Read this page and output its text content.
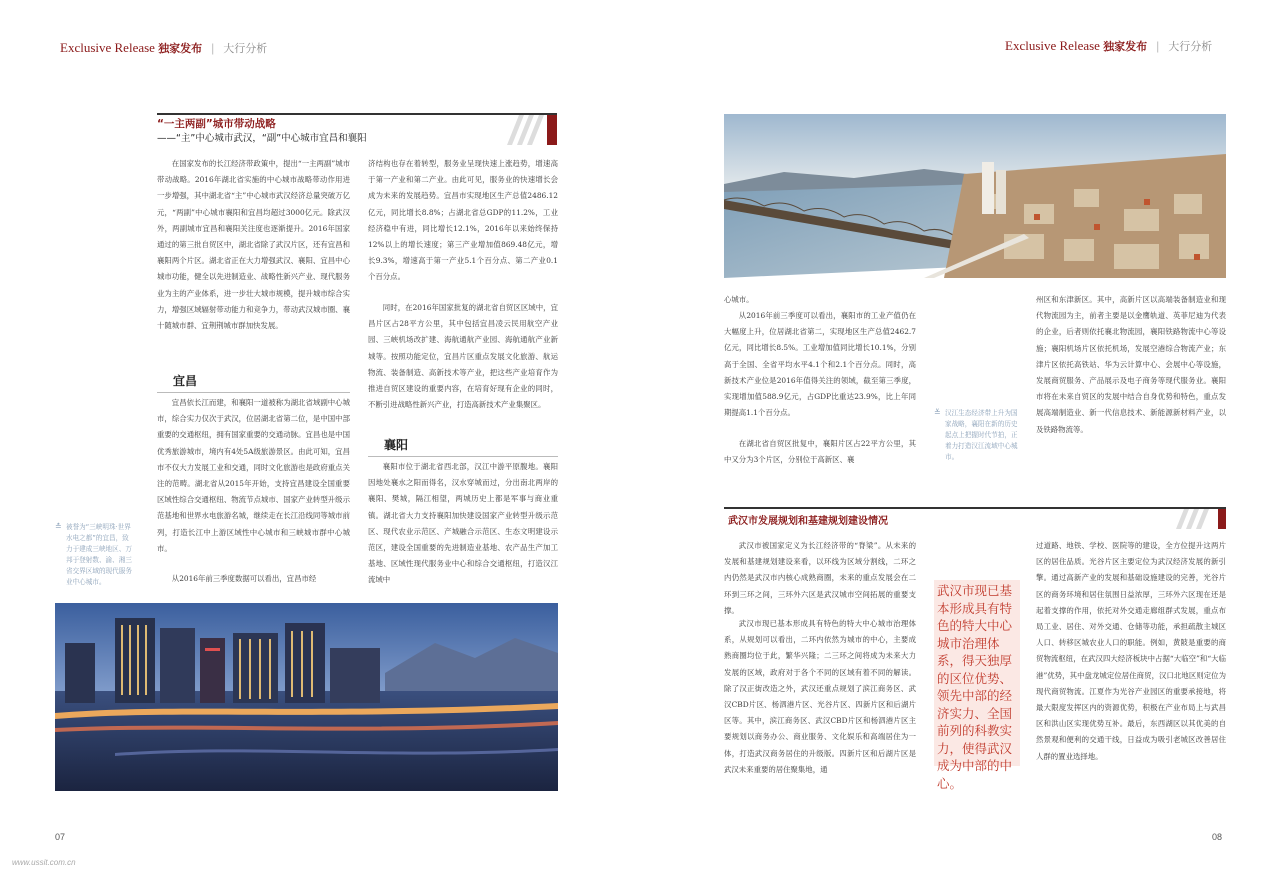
Exclusive Release 独家发布 | 大行分析	Exclusive Release 独家发布 | 大行分析
“一主两副”城市带动战略
——“主”中心城市武汉，“副”中心城市宜昌和襄阳

在国家发布的长江经济带政策中，提出“一主两副”城市带动战略。2016年湖北省实施的中心城市战略带动作用进一步增强，其中湖北省“主”中心城市武汉经济总量突破万亿元，“两副”中心城市襄阳和宜昌均超过3000亿元。除武汉外，两副城市宜昌和襄阳关注度也逐渐提升。2016年国家通过的第三批自贸区中，湖北省除了武汉片区，还有宜昌和襄阳两个片区。湖北省正在大力增强武汉、襄阳、宜昌中心城市功能，健全以先进制造业、战略性新兴产业、现代服务业为主的产业体系，进一步壮大城市规模，提升城市综合实力，增强区域辐射带动能力和竞争力，带动武汉城市圈、襄十随城市群、宜荆荆城市群加快发展。

宜昌

宜昌依长江而建，和襄阳一道被称为湖北省域副中心城市，综合实力仅次于武汉，位居湖北省第二位，是中国中部重要的交通枢纽，拥有国家重要的交通动脉。宜昌也是中国优秀旅游城市，境内有4处5A级旅游景区。由此可知，宜昌市不仅大力发展工业和交通，同时文化旅游也是政府重点关注的范畴。湖北省从2015年开始，支持宜昌建设全国重要区域性综合交通枢纽、物流节点城市、国家产业转型升级示范基地和世界水电旅游名城，继续走在长江沿线同等城市前列，打造长江中上游区域性中心城市和三峡城市群中心城市。

从2016年前三季度数据可以看出，宜昌市经

济结构也存在着转型，服务业呈现快速上涨趋势，增速高于第一产业和第二产业。由此可见，服务业的快速增长会成为未来的发展趋势。宜昌市实现地区生产总值2486.12亿元，同比增长8.8%；占湖北省总GDP的11.2%，工业经济稳中有进，同比增长12.1%，2016年以来始终保持12%以上的增长速度；第三产业增加值869.48亿元，增长9.3%，增速高于第一产业5.1个百分点、第二产业0.1个百分点。

同时，在2016年国家批复的湖北省自贸区区域中，宜昌片区占28平方公里，其中包括宜昌凌云民用航空产业园、三峡机场改扩建、海航通航产业园、海航通航产业新城等。按照功能定位，宜昌片区重点发展文化旅游、航运物流、装备制造、高新技术等产业，把这些产业培育作为推进自贸区建设的重要内容，在培育好现有企业的同时，不断引进战略性新兴产业，打造高新技术产业集聚区。

襄阳

襄阳市位于湖北省西北部，汉江中游平原腹地。襄阳因地处襄水之阳而得名，汉水穿城而过，分出南北两岸的襄阳、樊城，隔江相望，两城历史上都是军事与商业重镇。湖北省大力支持襄阳加快建设国家产业转型升级示范区、现代农业示范区、产城融合示范区、生态文明建设示范区，建设全国重要的先进制造业基地、农产品生产加工基地、区域性现代服务业中心和综合交通枢纽，打造汉江流域中

≛ 被誉为“三峡明珠·世界水电之都”的宜昌，致力于建成三峡地区、万邦于登射数、渝、湘三省交界区域的现代服务业中心城市。
07
www.ussit.com.cn

心城市。

从2016年前三季度可以看出，襄阳市的工业产值仍在大幅度上升，位居湖北省第二，实现地区生产总值2462.7亿元，同比增长8.5%。工业增加值同比增长10.1%，分别高于全国、全省平均水平4.1个和2.1个百分点。同时，高新技术产业位是2016年值得关注的领域，截至第三季度，实现增加值588.9亿元，占GDP比重达23.9%，比上年同期提高1.1个百分点。

在湖北省自贸区批复中，襄阳片区占22平方公里，其中又分为3个片区，分别位于高新区、襄

≚ 汉江生态经济带上升为国家战略，襄阳在新的历史起点上把握时代节拍，正着力打造汉江流域中心城市。

州区和东津新区。其中，高新片区以高端装备制造业和现代物流园为主，前者主要是以金鹰轨道、英菲尼迪为代表的企业，后者则依托襄北物流园，襄阳铁路物流中心等设施；襄阳机场片区依托机场，发展空港综合物流产业；东津片区依托高铁站、华为云计算中心、会展中心等设施，发展商贸服务、产品展示及电子商务等现代服务业。襄阳市将在未来自贸区的发展中结合自身优势和特色，重点发展高端制造业、新一代信息技术、新能源新材料产业，以及铁路物流等。

武汉市发展规划和基建规划建设情况

武汉市被国家定义为长江经济带的“脊梁”。从未来的发展和基建规划建设来看，以环线为区域分割线，二环之内仍然是武汉市内核心成熟商圈，未来的重点发展会在二环到三环之间，三环外六区是武汉城市空间拓展的重要支撑。

武汉市现已基本形成具有特色的特大中心城市治理体系，从规划可以看出，二环内依然为城市的中心，主要成熟商圈均位于此，繁华兴隆；二三环之间将成为未来大力发展的区域，政府对于各个不同的区域有着不同的解读。除了汉正街改造之外，武汉还重点规划了滨江商务区、武汉CBD片区、杨泗港片区、光谷片区、四新片区和后湖片区等。其中，滨江商务区、武汉CBD片区和杨泗港片区主要规划以商务办公、商业服务、文化娱乐和高端居住为一体，打造武汉商务居住的升级版。四新片区和后湖片区是武汉未来重要的居住聚集地，通

武汉市现已基本形成具有特色的特大中心城市治理体系，得天独厚的区位优势、领先中部的经济实力、全国前列的科教实力，使得武汉成为中部的中心。

过道路、地铁、学校、医院等的建设，全方位提升这两片区的居住品质。光谷片区主要定位为武汉经济发展的新引擎。通过高新产业的发展和基础设施建设的完善，光谷片区的商务环境和居住氛围日益浓厚，三环外六区现在还是起着支撑的作用，依托对外交通走廊组群式发展，重点布局工业、居住、对外交通、仓储等功能，承担疏散主城区人口、转移区城农业人口的职能。例如，黄陂是重要的商贸物流枢纽，在武汉四大经济板块中占据“大临空”和“大临港”优势，其中盘龙城定位居住商贸，汉口北地区则定位为现代商贸物流。江夏作为光谷产业园区的重要承接地，将最大限度发挥区内的资源优势，积极在产业布局上与武昌区和洪山区实现优势互补。最后，东西湖区以其优美的自然景观和便利的交通干线，日益成为吸引老城区改善居住人群的置业选择地。

08
